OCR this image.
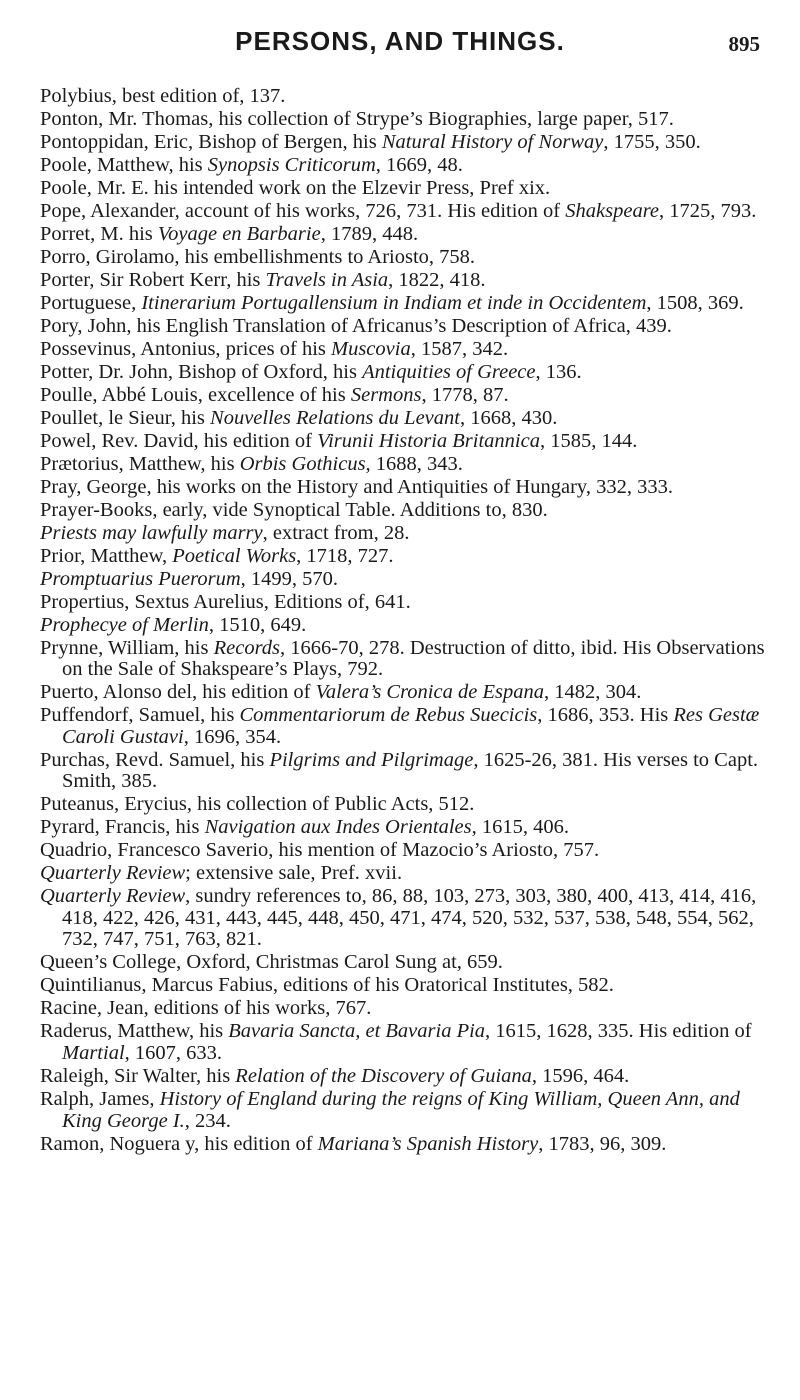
PERSONS, AND THINGS.	895
Polybius, best edition of, 137.
Ponton, Mr. Thomas, his collection of Strype’s Biographies, large paper, 517.
Pontoppidan, Eric, Bishop of Bergen, his Natural History of Norway, 1755, 350.
Poole, Matthew, his Synopsis Criticorum, 1669, 48.
Poole, Mr. E. his intended work on the Elzevir Press, Pref xix.
Pope, Alexander, account of his works, 726, 731. His edition of Shakspeare, 1725, 793.
Porret, M. his Voyage en Barbarie, 1789, 448.
Porro, Girolamo, his embellishments to Ariosto, 758.
Porter, Sir Robert Kerr, his Travels in Asia, 1822, 418.
Portuguese, Itinerarium Portugallensium in Indiam et inde in Occidentem, 1508, 369.
Pory, John, his English Translation of Africanus’s Description of Africa, 439.
Possevinus, Antonius, prices of his Muscovia, 1587, 342.
Potter, Dr. John, Bishop of Oxford, his Antiquities of Greece, 136.
Poulle, Abbé Louis, excellence of his Sermons, 1778, 87.
Poullet, le Sieur, his Nouvelles Relations du Levant, 1668, 430.
Powel, Rev. David, his edition of Virunii Historia Britannica, 1585, 144.
Prætorius, Matthew, his Orbis Gothicus, 1688, 343.
Pray, George, his works on the History and Antiquities of Hungary, 332, 333.
Prayer-Books, early, vide Synoptical Table. Additions to, 830.
Priests may lawfully marry, extract from, 28.
Prior, Matthew, Poetical Works, 1718, 727.
Promptuarius Puerorum, 1499, 570.
Propertius, Sextus Aurelius, Editions of, 641.
Prophecye of Merlin, 1510, 649.
Prynne, William, his Records, 1666-70, 278. Destruction of ditto, ibid. His Observations on the Sale of Shakspeare’s Plays, 792.
Puerto, Alonso del, his edition of Valera’s Cronica de Espana, 1482, 304.
Puffendorf, Samuel, his Commentariorum de Rebus Suecicis, 1686, 353. His Res Gestæ Caroli Gustavi, 1696, 354.
Purchas, Revd. Samuel, his Pilgrims and Pilgrimage, 1625-26, 381. His verses to Capt. Smith, 385.
Puteanus, Erycius, his collection of Public Acts, 512.
Pyrard, Francis, his Navigation aux Indes Orientales, 1615, 406.
Quadrio, Francesco Saverio, his mention of Mazocio’s Ariosto, 757.
Quarterly Review; extensive sale, Pref. xvii.
Quarterly Review, sundry references to, 86, 88, 103, 273, 303, 380, 400, 413, 414, 416, 418, 422, 426, 431, 443, 445, 448, 450, 471, 474, 520, 532, 537, 538, 548, 554, 562, 732, 747, 751, 763, 821.
Queen’s College, Oxford, Christmas Carol Sung at, 659.
Quintilianus, Marcus Fabius, editions of his Oratorical Institutes, 582.
Racine, Jean, editions of his works, 767.
Raderus, Matthew, his Bavaria Sancta, et Bavaria Pia, 1615, 1628, 335. His edition of Martial, 1607, 633.
Raleigh, Sir Walter, his Relation of the Discovery of Guiana, 1596, 464.
Ralph, James, History of England during the reigns of King William, Queen Ann, and King George I., 234.
Ramon, Noguera y, his edition of Mariana’s Spanish History, 1783, 96, 309.
